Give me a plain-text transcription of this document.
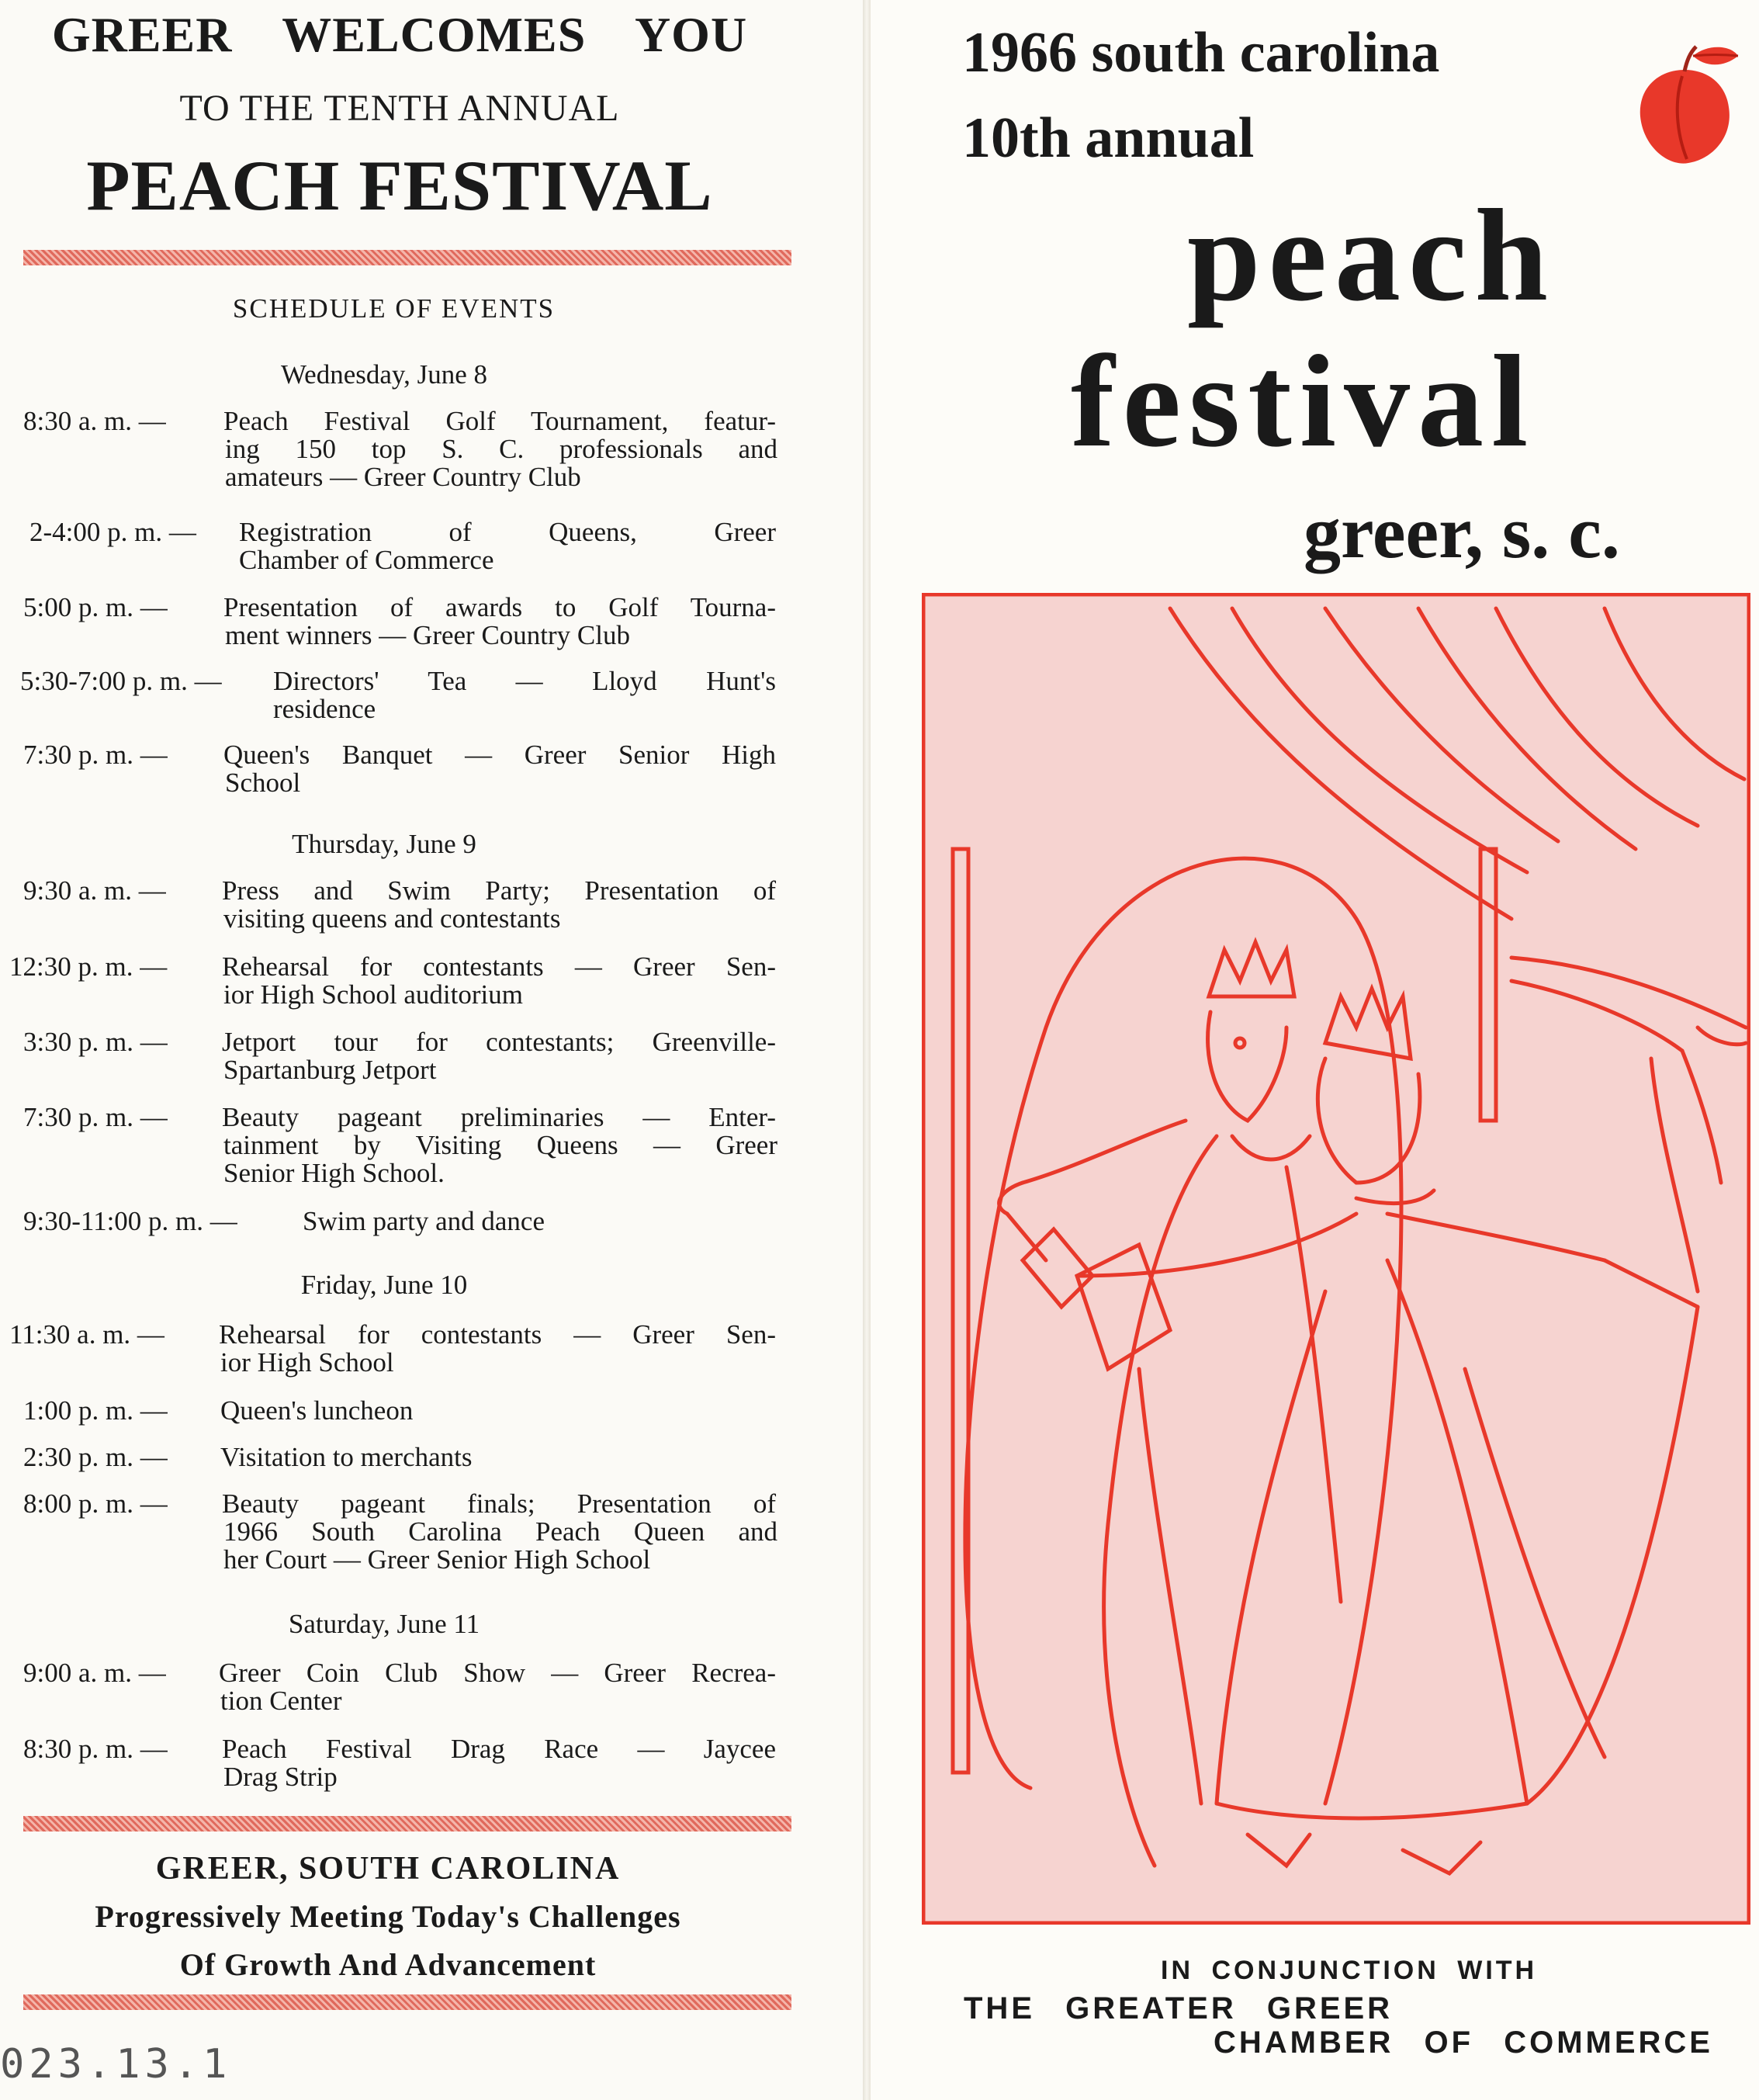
GREER WELCOMES YOU
TO THE TENTH ANNUAL
PEACH FESTIVAL
SCHEDULE OF EVENTS
Wednesday, June 8
8:30 a. m. — Peach Festival Golf Tournament, featur-
ing 150 top S. C. professionals and
amateurs — Greer Country Club
2-4:00 p. m. — Registration of Queens, Greer
Chamber of Commerce
5:00 p. m. — Presentation of awards to Golf Tourna-
ment winners — Greer Country Club
5:30-7:00 p. m. — Directors' Tea — Lloyd Hunt's
residence
7:30 p. m. — Queen's Banquet — Greer Senior High
School
Thursday, June 9
9:30 a. m. — Press and Swim Party; Presentation of
visiting queens and contestants
12:30 p. m. — Rehearsal for contestants — Greer Sen-
ior High School auditorium
3:30 p. m. — Jetport tour for contestants; Greenville-
Spartanburg Jetport
7:30 p. m. — Beauty pageant preliminaries — Enter-
tainment by Visiting Queens — Greer
Senior High School.
9:30-11:00 p. m. — Swim party and dance
Friday, June 10
11:30 a. m. — Rehearsal for contestants — Greer Sen-
ior High School
1:00 p. m. — Queen's luncheon
2:30 p. m. — Visitation to merchants
8:00 p. m. — Beauty pageant finals; Presentation of
1966 South Carolina Peach Queen and
her Court — Greer Senior High School
Saturday, June 11
9:00 a. m. — Greer Coin Club Show — Greer Recrea-
tion Center
8:30 p. m. — Peach Festival Drag Race — Jaycee
Drag Strip
GREER, SOUTH CAROLINA
Progressively Meeting Today's Challenges
Of Growth And Advancement
023.13.1
1966 south carolina
10th annual
peach
festival
greer, s. c.
IN CONJUNCTION WITH
THE GREATER GREER
CHAMBER OF COMMERCE
